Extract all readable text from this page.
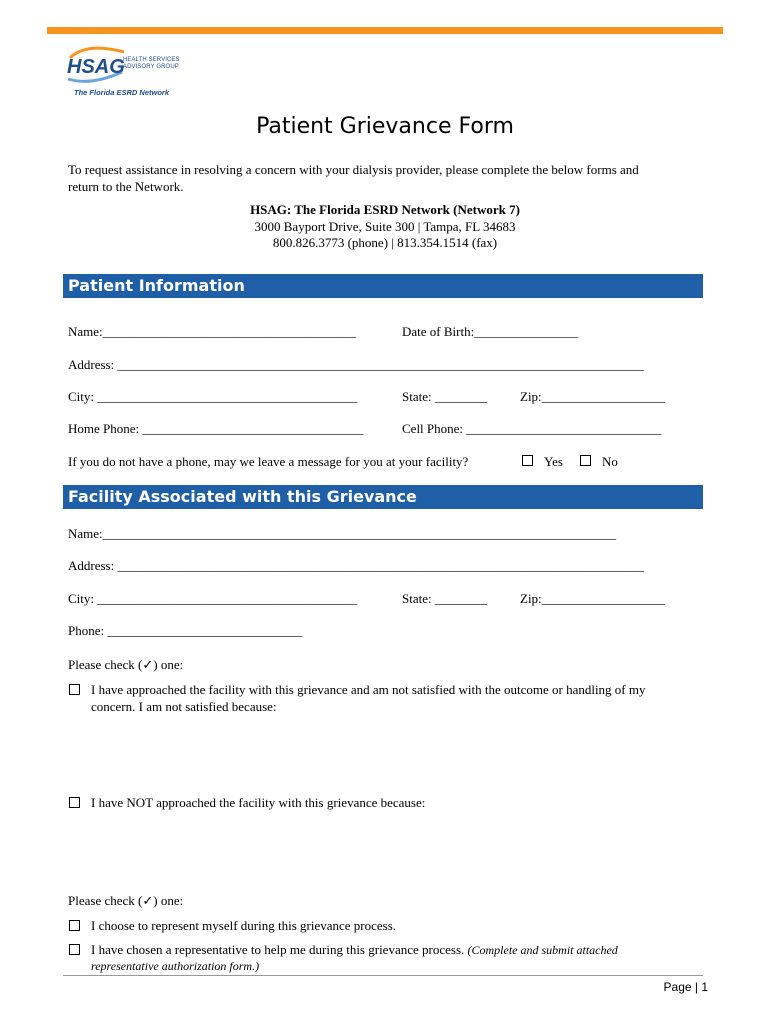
HSAG
HEALTH SERVICES
ADVISORY GROUP
The Florida ESRD Network
Patient Grievance Form
To request assistance in resolving a concern with your dialysis provider, please complete the below forms and
return to the Network.
HSAG: The Florida ESRD Network (Network 7)
3000 Bayport Drive, Suite 300 | Tampa, FL 34683
800.826.3773 (phone) | 813.354.1514 (fax)
Patient Information
Name:_______________________________________	Date of Birth:________________
Address: _________________________________________________________________________________
City: ________________________________________	State: ________	Zip:___________________
Home Phone: __________________________________	Cell Phone: ______________________________
If you do not have a phone, may we leave a message for you at your facility?	Yes	No
Facility Associated with this Grievance
Name:_______________________________________________________________________________
Address: _________________________________________________________________________________
City: ________________________________________	State: ________	Zip:___________________
Phone: ______________________________
Please check (✓) one:
I have approached the facility with this grievance and am not satisfied with the outcome or handling of my
concern. I am not satisfied because:
I have NOT approached the facility with this grievance because:
Please check (✓) one:
I choose to represent myself during this grievance process.
I have chosen a representative to help me during this grievance process. (Complete and submit attached
representative authorization form.)
Page | 1
